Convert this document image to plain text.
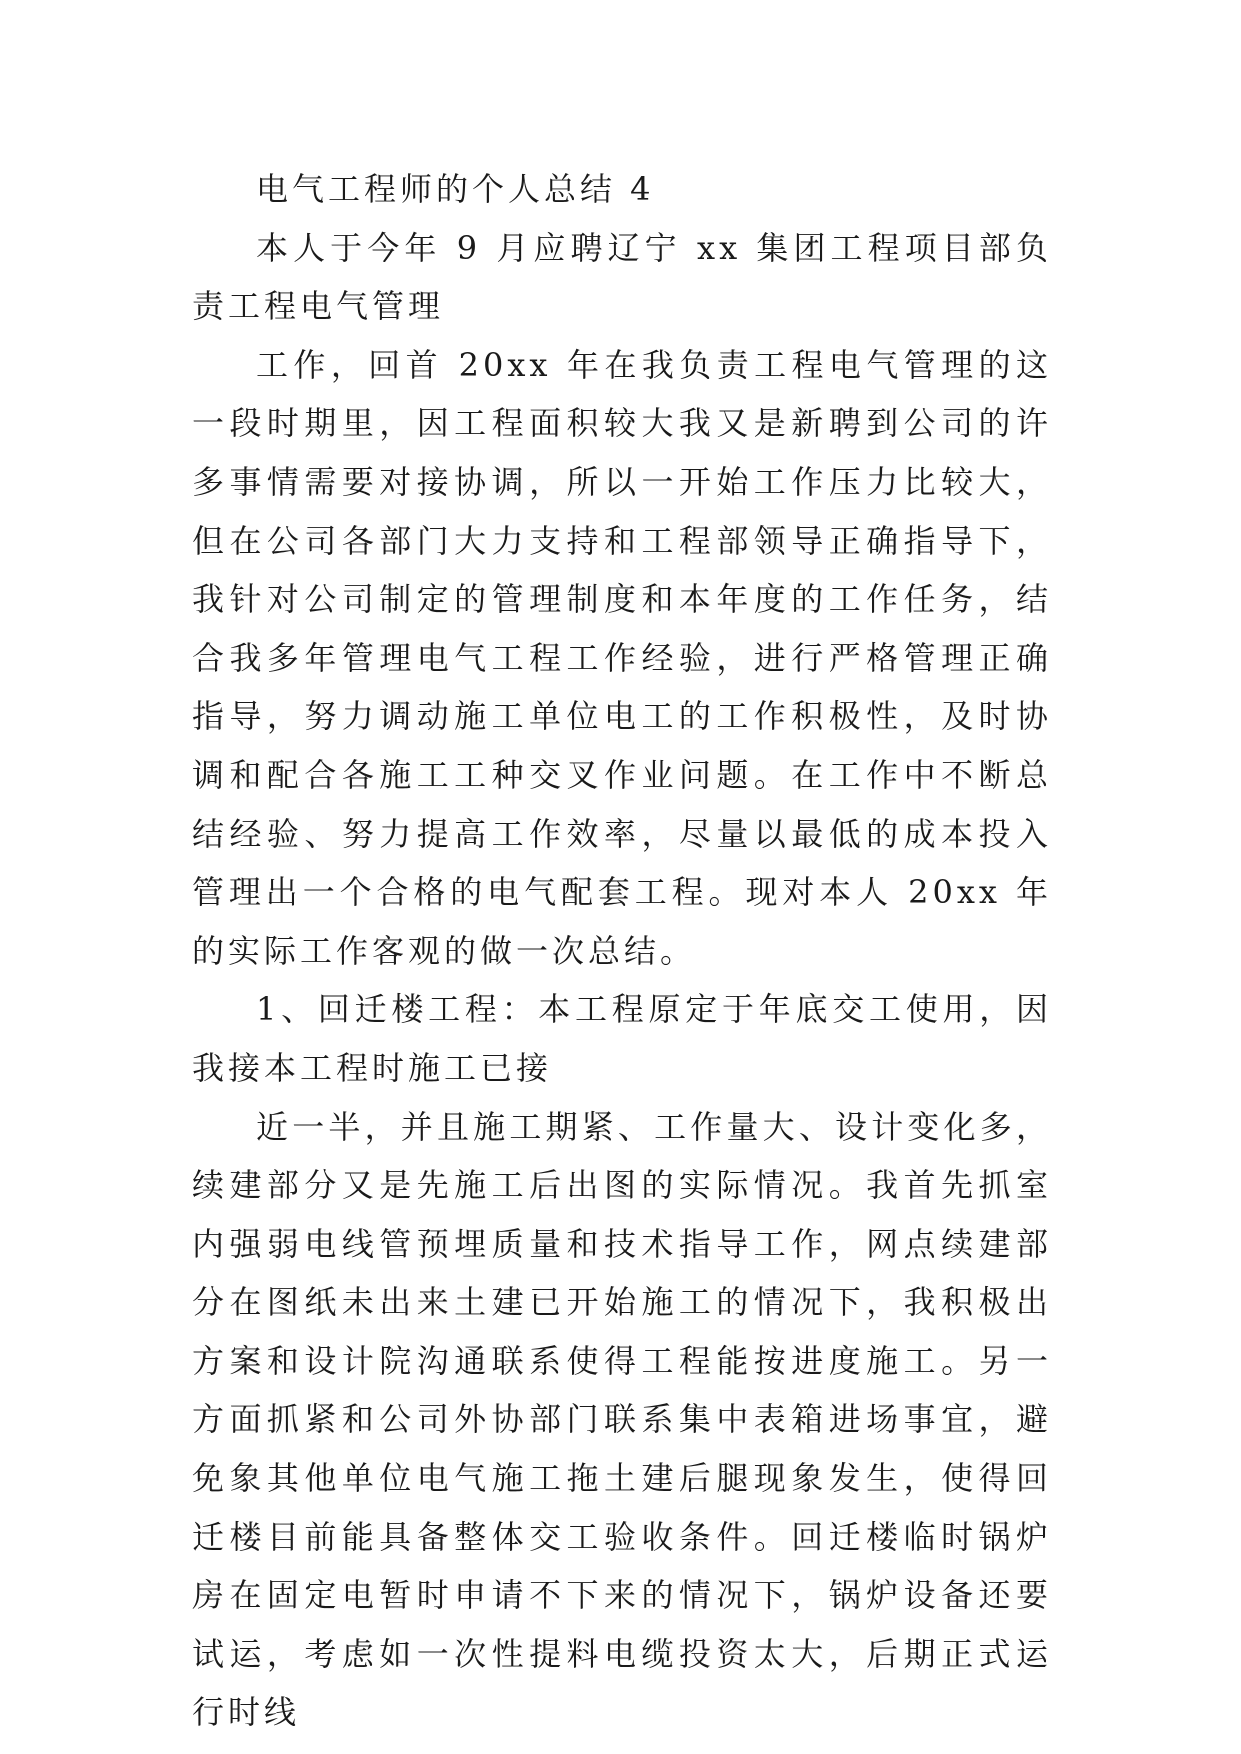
电气工程师的个人总结 4

本人于今年 9 月应聘辽宁 xx 集团工程项目部负责工程电气管理

工作，回首 20xx 年在我负责工程电气管理的这一段时期里，因工程面积较大我又是新聘到公司的许多事情需要对接协调，所以一开始工作压力比较大，但在公司各部门大力支持和工程部领导正确指导下，我针对公司制定的管理制度和本年度的工作任务，结合我多年管理电气工程工作经验，进行严格管理正确指导，努力调动施工单位电工的工作积极性，及时协调和配合各施工工种交叉作业问题。在工作中不断总结经验、努力提高工作效率，尽量以最低的成本投入管理出一个合格的电气配套工程。现对本人 20xx 年的实际工作客观的做一次总结。

1、回迁楼工程：本工程原定于年底交工使用，因我接本工程时施工已接

近一半，并且施工期紧、工作量大、设计变化多，续建部分又是先施工后出图的实际情况。我首先抓室内强弱电线管预埋质量和技术指导工作，网点续建部分在图纸未出来土建已开始施工的情况下，我积极出方案和设计院沟通联系使得工程能按进度施工。另一方面抓紧和公司外协部门联系集中表箱进场事宜，避免象其他单位电气施工拖土建后腿现象发生，使得回迁楼目前能具备整体交工验收条件。回迁楼临时锅炉房在固定电暂时申请不下来的情况下，锅炉设备还要试运，考虑如一次性提料电缆投资太大，后期正式运行时线
